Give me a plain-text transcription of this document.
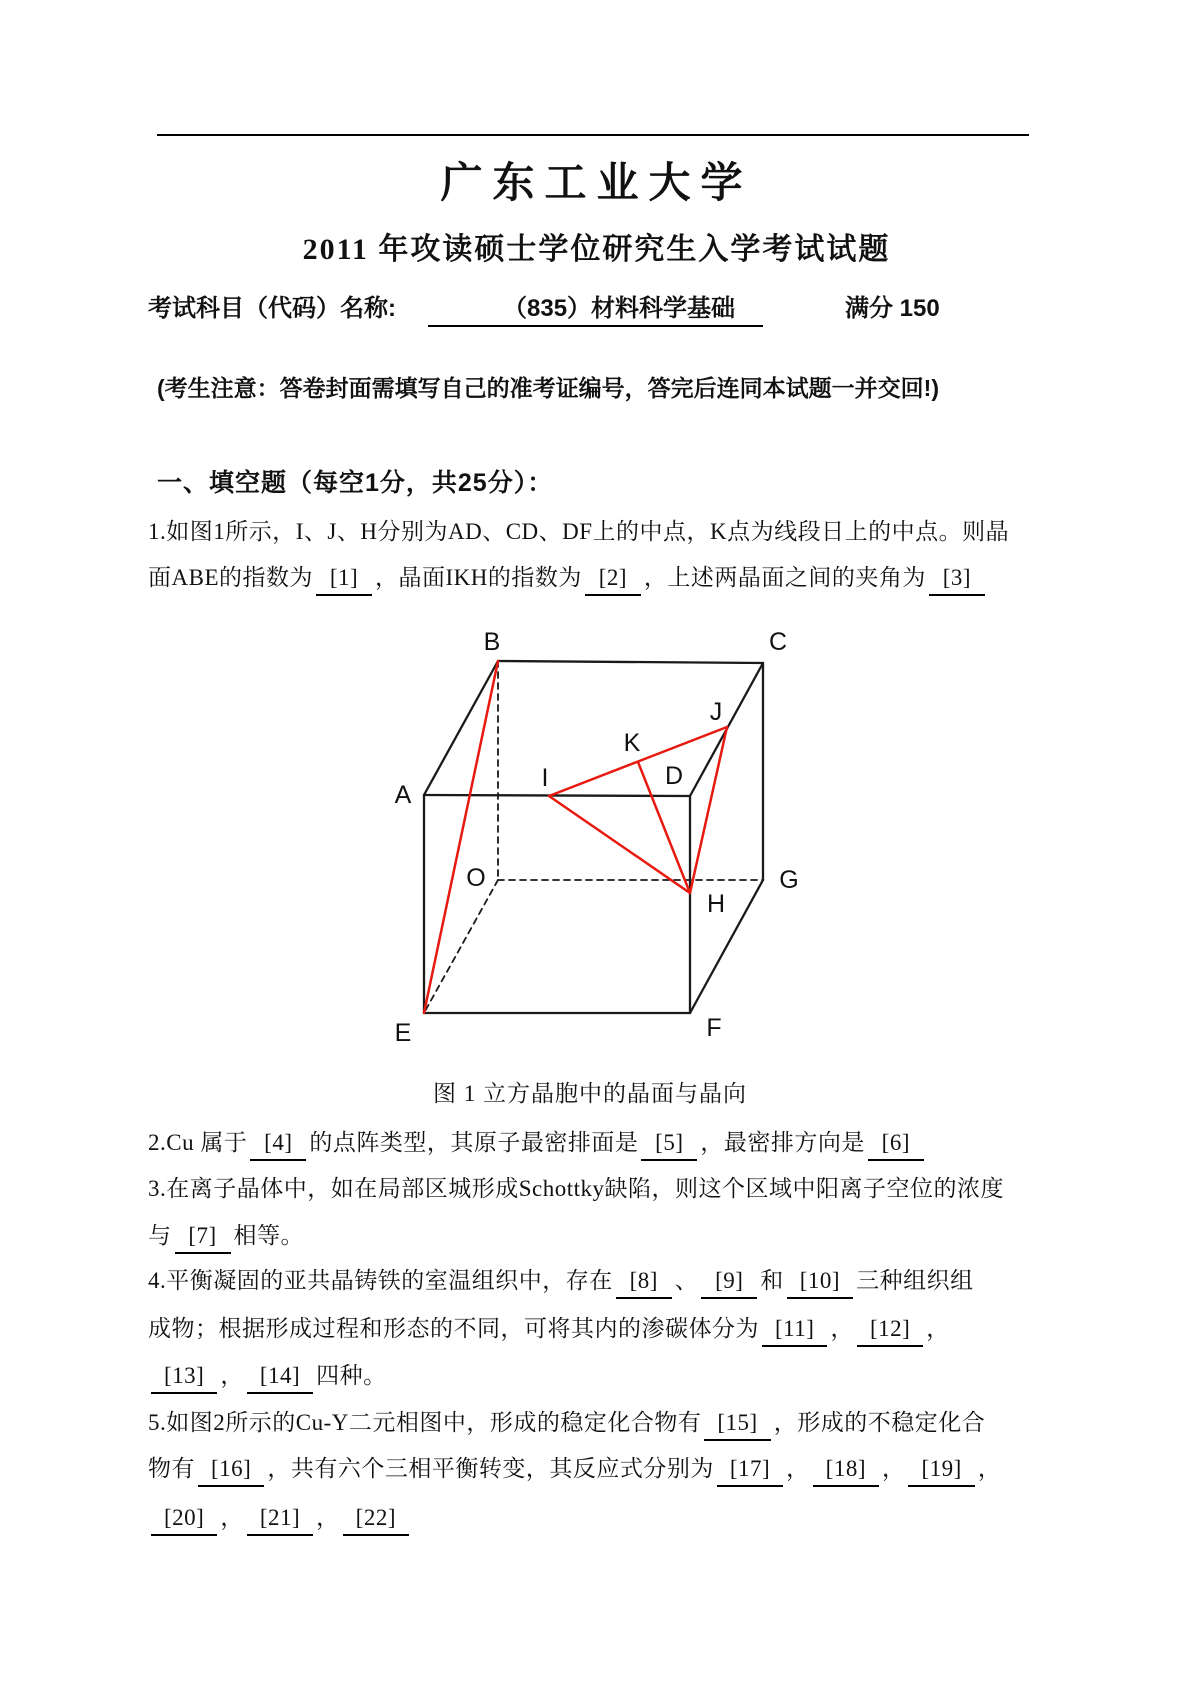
广东工业大学
2011 年攻读硕士学位研究生入学考试试题
考试科目（代码）名称:	（835）材料科学基础	满分 150
(考生注意：答卷封面需填写自己的准考证编号，答完后连同本试题一并交回!)
一、填空题（每空1分，共25分）：
1.如图1所示，I、J、H分别为AD、CD、DF上的中点，K点为线段日上的中点。则晶
面ABE的指数为 [1] ，晶面IKH的指数为 [2] ，上述两晶面之间的夹角为 [3]
A
B	C
D
E	F
G
H
I
J
K
O
图 1 立方晶胞中的晶面与晶向
2.Cu 属于 [4] 的点阵类型，其原子最密排面是 [5] ，最密排方向是 [6]
3.在离子晶体中，如在局部区城形成Schottky缺陷，则这个区域中阳离子空位的浓度
与 [7] 相等。
4.平衡凝固的亚共晶铸铁的室温组织中，存在 [8] 、 [9] 和 [10] 三种组织组
成物；根据形成过程和形态的不同，可将其内的渗碳体分为 [11] ， [12] ，
[13] ， [14] 四种。
5.如图2所示的Cu-Y二元相图中，形成的稳定化合物有 [15] ，形成的不稳定化合
物有 [16] ，共有六个三相平衡转变，其反应式分别为 [17] ， [18] ， [19] ，
[20] ， [21] ， [22]
